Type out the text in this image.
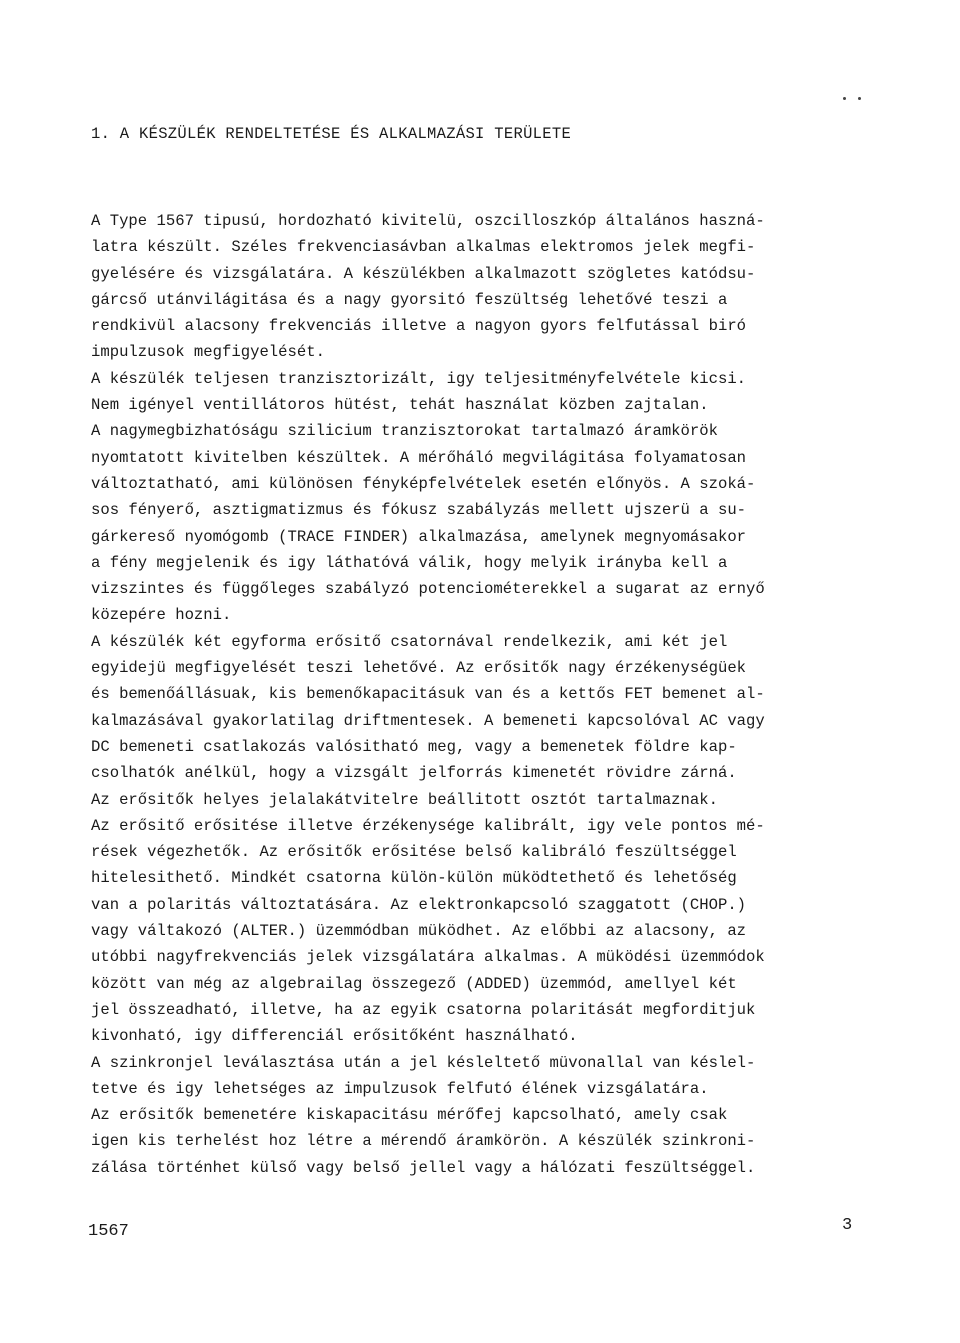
1. A KÉSZÜLÉK RENDELTETÉSE ÉS ALKALMAZÁSI TERÜLETE
A Type 1567 tipusú, hordozható kivitelü, oszcilloszkóp általános haszná-
latra készült. Széles frekvenciasávban alkalmas elektromos jelek megfi-
gyelésére és vizsgálatára. A készülékben alkalmazott szögletes katódsu-
gárcső utánvilágitása és a nagy gyorsitó feszültség lehetővé teszi a
rendkivül alacsony frekvenciás illetve a nagyon gyors felfutással biró
impulzusok megfigyelését.
A készülék teljesen tranzisztorizált, igy teljesitményfelvétele kicsi.
Nem igényel ventillátoros hütést, tehát használat közben zajtalan.
A nagymegbizhatóságu szilicium tranzisztorokat tartalmazó áramkörök
nyomtatott kivitelben készültek. A mérőháló megvilágitása folyamatosan
változtatható, ami különösen fényképfelvételek esetén előnyös. A szoká-
sos fényerő, asztigmatizmus és fókusz szabályzás mellett ujszerü a su-
gárkereső nyomógomb (TRACE FINDER) alkalmazása, amelynek megnyomásakor
a fény megjelenik és igy láthatóvá válik, hogy melyik irányba kell a
vizszintes és függőleges szabályzó potenciométerekkel a sugarat az ernyő
közepére hozni.
A készülék két egyforma erősitő csatornával rendelkezik, ami két jel
egyidejü megfigyelését teszi lehetővé. Az erősitők nagy érzékenységüek
és bemenőállásuak, kis bemenőkapacitásuk van és a kettős FET bemenet al-
kalmazásával gyakorlatilag driftmentesek. A bemeneti kapcsolóval AC vagy
DC bemeneti csatlakozás valósitható meg, vagy a bemenetek földre kap-
csolhatók anélkül, hogy a vizsgált jelforrás kimenetét rövidre zárná.
Az erősitők helyes jelalakátvitelre beállitott osztót tartalmaznak.
Az erősitő erősitése illetve érzékenysége kalibrált, igy vele pontos mé-
rések végezhetők. Az erősitők erősitése belső kalibráló feszültséggel
hitelesithető. Mindkét csatorna külön-külön müködtethető és lehetőség
van a polaritás változtatására. Az elektronkapcsoló szaggatott (CHOP.)
vagy váltakozó (ALTER.) üzemmódban müködhet. Az előbbi az alacsony, az
utóbbi nagyfrekvenciás jelek vizsgálatára alkalmas. A müködési üzemmódok
között van még az algebrailag összegező (ADDED) üzemmód, amellyel két
jel összeadható, illetve, ha az egyik csatorna polaritását megforditjuk
kivonható, igy differenciál erősitőként használható.
A szinkronjel leválasztása után a jel késleltető müvonallal van késlel-
tetve és igy lehetséges az impulzusok felfutó élének vizsgálatára.
Az erősitők bemenetére kiskapacitásu mérőfej kapcsolható, amely csak
igen kis terhelést hoz létre a mérendő áramkörön. A készülék szinkroni-
zálása történhet külső vagy belső jellel vagy a hálózati feszültséggel.
1567	3
